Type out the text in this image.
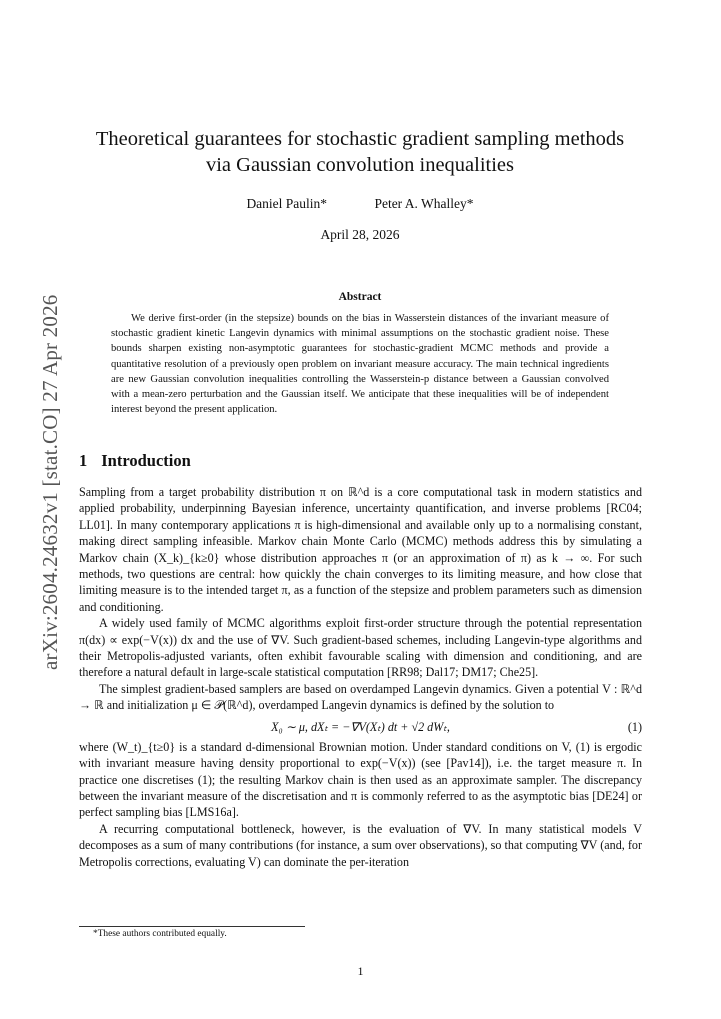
arXiv:2604.24632v1 [stat.CO] 27 Apr 2026
Theoretical guarantees for stochastic gradient sampling methods
via Gaussian convolution inequalities
Daniel Paulin*	Peter A. Whalley*
April 28, 2026
Abstract

We derive first-order (in the stepsize) bounds on the bias in Wasserstein distances of the invariant measure of stochastic gradient kinetic Langevin dynamics with minimal assumptions on the stochastic gradient noise. These bounds sharpen existing non-asymptotic guarantees for stochastic-gradient MCMC methods and provide a quantitative resolution of a previously open problem on invariant measure accuracy. The main technical ingredients are new Gaussian convolution inequalities controlling the Wasserstein-p distance between a Gaussian convolved with a mean-zero perturbation and the Gaussian itself. We anticipate that these inequalities will be of independent interest beyond the present application.

1 Introduction

Sampling from a target probability distribution π on ℝ^d is a core computational task in modern statistics and applied probability, underpinning Bayesian inference, uncertainty quantification, and inverse problems [RC04; LL01]. In many contemporary applications π is high-dimensional and available only up to a normalising constant, making direct sampling infeasible. Markov chain Monte Carlo (MCMC) methods address this by simulating a Markov chain (X_k)_{k≥0} whose distribution approaches π (or an approximation of π) as k → ∞. For such methods, two questions are central: how quickly the chain converges to its limiting measure, and how close that limiting measure is to the intended target π, as a function of the stepsize and problem parameters such as dimension and conditioning.

A widely used family of MCMC algorithms exploit first-order structure through the potential representation π(dx) ∝ exp(−V(x)) dx and the use of ∇V. Such gradient-based schemes, including Langevin-type algorithms and their Metropolis-adjusted variants, often exhibit favourable scaling with dimension and conditioning, and are therefore a natural default in large-scale statistical computation [RR98; Dal17; DM17; Che25].

The simplest gradient-based samplers are based on overdamped Langevin dynamics. Given a potential V : ℝ^d → ℝ and initialization μ ∈ 𝒫(ℝ^d), overdamped Langevin dynamics is defined by the solution to

X₀ ∼ μ, dXₜ = −∇V(Xₜ) dt + √2 dWₜ,	(1)

where (W_t)_{t≥0} is a standard d-dimensional Brownian motion. Under standard conditions on V, (1) is ergodic with invariant measure having density proportional to exp(−V(x)) (see [Pav14]), i.e. the target measure π. In practice one discretises (1); the resulting Markov chain is then used as an approximate sampler. The discrepancy between the invariant measure of the discretisation and π is commonly referred to as the asymptotic bias [DE24] or perfect sampling bias [LMS16a].

A recurring computational bottleneck, however, is the evaluation of ∇V. In many statistical models V decomposes as a sum of many contributions (for instance, a sum over observations), so that computing ∇V (and, for Metropolis corrections, evaluating V) can dominate the per-iteration

*These authors contributed equally.
1
